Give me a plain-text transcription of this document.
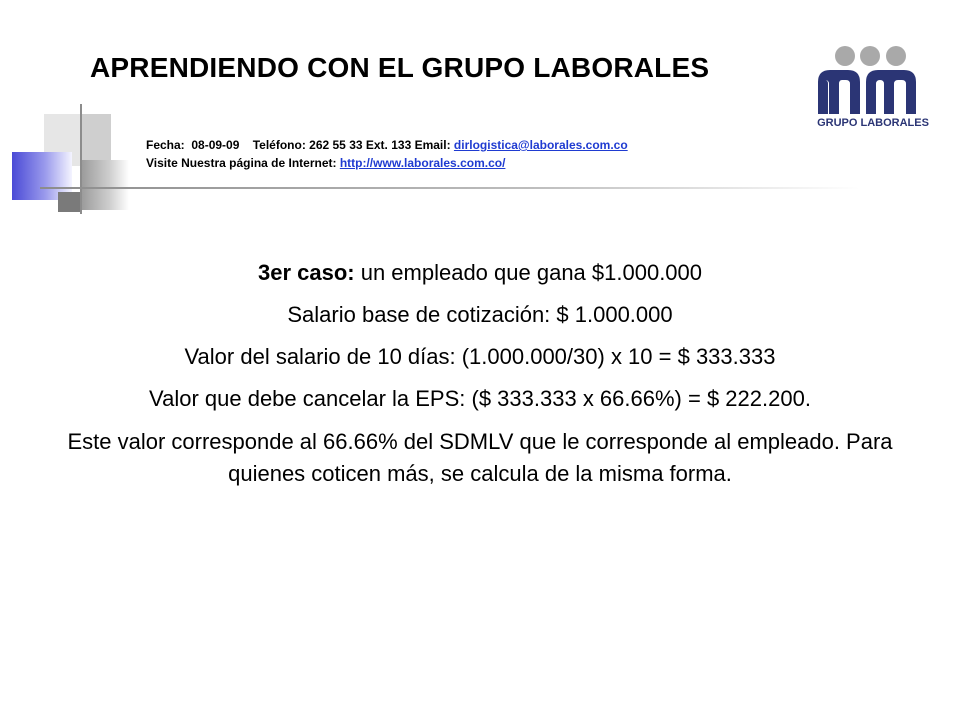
APRENDIENDO CON EL GRUPO LABORALES
Fecha:  08-09-09    Teléfono: 262 55 33 Ext. 133 Email: dirlogistica@laborales.com.co
Visite Nuestra página de Internet: http://www.laborales.com.co/
GRUPO LABORALES

3er caso: un empleado que gana $1.000.000

Salario base de cotización: $ 1.000.000

Valor del salario de 10 días: (1.000.000/30) x 10 = $ 333.333

Valor que debe cancelar la EPS: ($ 333.333 x 66.66%) = $ 222.200.

Este valor corresponde al 66.66% del SDMLV que le corresponde al empleado. Para quienes coticen más, se calcula de la misma forma.
